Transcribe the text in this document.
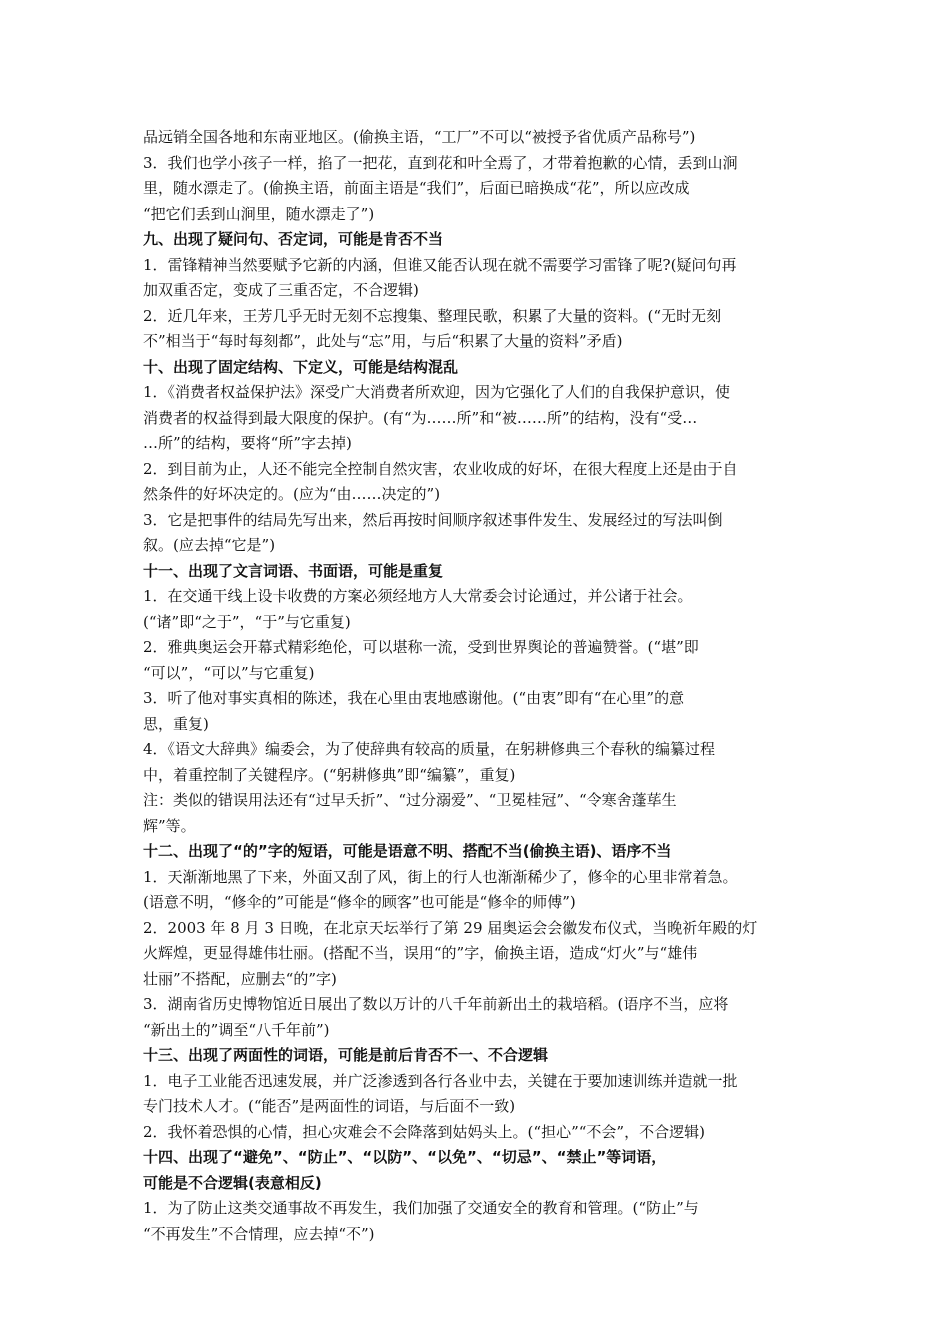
品远销全国各地和东南亚地区。(偷换主语，“工厂”不可以“被授予省优质产品称号”)
3．我们也学小孩子一样，掐了一把花，直到花和叶全焉了，才带着抱歉的心情，丢到山涧
里，随水漂走了。(偷换主语，前面主语是“我们”，后面已暗换成“花”，所以应改成
“把它们丢到山涧里，随水漂走了”)
九、出现了疑问句、否定词，可能是肯否不当
1．雷锋精神当然要赋予它新的内涵，但谁又能否认现在就不需要学习雷锋了呢?(疑问句再
加双重否定，变成了三重否定，不合逻辑)
2．近几年来，王芳几乎无时无刻不忘搜集、整理民歌，积累了大量的资料。(“无时无刻
不”相当于“每时每刻都”，此处与“忘”用，与后“积累了大量的资料”矛盾)
十、出现了固定结构、下定义，可能是结构混乱
1．《消费者权益保护法》深受广大消费者所欢迎，因为它强化了人们的自我保护意识，使
消费者的权益得到最大限度的保护。(有“为……所”和“被……所”的结构，没有“受…
…所”的结构，要将“所”字去掉)
2．到目前为止，人还不能完全控制自然灾害，农业收成的好坏，在很大程度上还是由于自
然条件的好坏决定的。(应为“由……决定的”)
3．它是把事件的结局先写出来，然后再按时间顺序叙述事件发生、发展经过的写法叫倒
叙。(应去掉“它是”)
十一、出现了文言词语、书面语，可能是重复
1．在交通干线上设卡收费的方案必须经地方人大常委会讨论通过，并公诸于社会。
(“诸”即“之于”，“于”与它重复)
2．雅典奥运会开幕式精彩绝伦，可以堪称一流，受到世界舆论的普遍赞誉。(“堪”即
“可以”，“可以”与它重复)
3．听了他对事实真相的陈述，我在心里由衷地感谢他。(“由衷”即有“在心里”的意
思，重复)
4．《语文大辞典》编委会，为了使辞典有较高的质量，在躬耕修典三个春秋的编纂过程
中，着重控制了关键程序。(“躬耕修典”即“编纂”，重复)
注：类似的错误用法还有“过早夭折”、“过分溺爱”、“卫冕桂冠”、“令寒舍蓬荜生
辉”等。
十二、出现了“的”字的短语，可能是语意不明、搭配不当(偷换主语)、语序不当
1．天渐渐地黑了下来，外面又刮了风，街上的行人也渐渐稀少了，修伞的心里非常着急。
(语意不明，“修伞的”可能是“修伞的顾客”也可能是“修伞的师傅”)
2．2003 年 8 月 3 日晚，在北京天坛举行了第 29 届奥运会会徽发布仪式，当晚祈年殿的灯
火辉煌，更显得雄伟壮丽。(搭配不当，误用“的”字，偷换主语，造成“灯火”与“雄伟
壮丽”不搭配，应删去“的”字)
3．湖南省历史博物馆近日展出了数以万计的八千年前新出土的栽培稻。(语序不当，应将
“新出土的”调至“八千年前”)
十三、出现了两面性的词语，可能是前后肯否不一、不合逻辑
1．电子工业能否迅速发展，并广泛渗透到各行各业中去，关键在于要加速训练并造就一批
专门技术人才。(“能否”是两面性的词语，与后面不一致)
2．我怀着恐惧的心情，担心灾难会不会降落到姑妈头上。(“担心”“不会”，不合逻辑)
十四、出现了“避免”、“防止”、“以防”、“以免”、“切忌”、“禁止”等词语，
可能是不合逻辑(表意相反)
1．为了防止这类交通事故不再发生，我们加强了交通安全的教育和管理。(“防止”与
“不再发生”不合情理，应去掉“不”)
